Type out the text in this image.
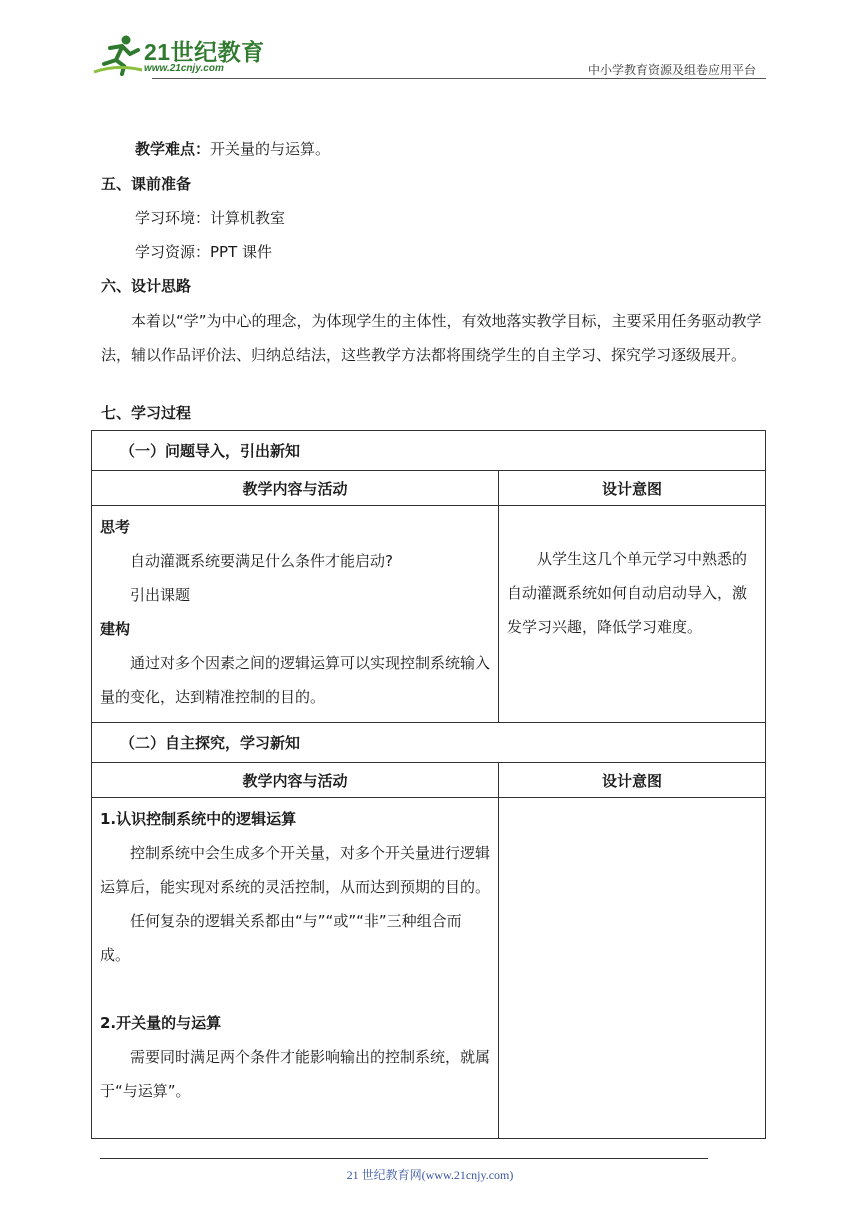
21世纪教育
www.21cnjy.com	中小学教育资源及组卷应用平台
教学难点：开关量的与运算。
五、课前准备
学习环境：计算机教室
学习资源：PPT 课件
六、设计思路
本着以“学”为中心的理念，为体现学生的主体性，有效地落实教学目标，主要采用任务驱动教学法，辅以作品评价法、归纳总结法，这些教学方法都将围绕学生的自主学习、探究学习逐级展开。
七、学习过程
（一）问题导入，引出新知	
教学内容与活动	设计意图

思考

自动灌溉系统要满足什么条件才能启动?

引出课题

建构

通过对多个因素之间的逻辑运算可以实现控制系统输入量的变化，达到精准控制的目的。	从学生这几个单元学习中熟悉的自动灌溉系统如何自动启动导入，激发学习兴趣，降低学习难度。
（二）自主探究，学习新知	
教学内容与活动	设计意图

1.认识控制系统中的逻辑运算

控制系统中会生成多个开关量，对多个开关量进行逻辑运算后，能实现对系统的灵活控制，从而达到预期的目的。

任何复杂的逻辑关系都由“与”“或”“非”三种组合而成。

2.开关量的与运算

需要同时满足两个条件才能影响输出的控制系统，就属于“与运算”。	

21 世纪教育网(www.21cnjy.com)
